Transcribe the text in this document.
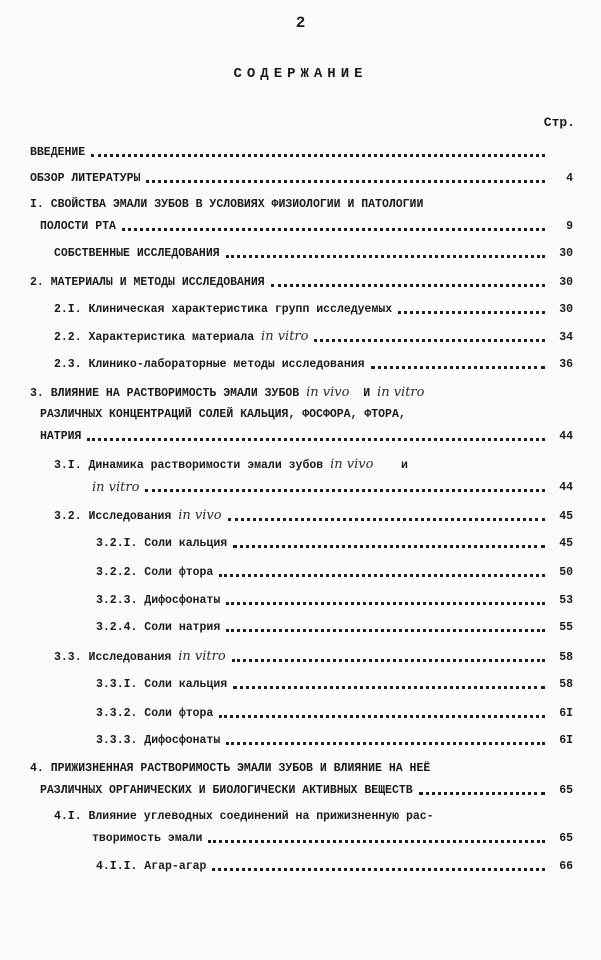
2
СОДЕРЖАНИЕ
Стр.
ВВЕДЕНИЕ
ОБЗОР ЛИТЕРАТУРЫ	4
I. СВОЙСТВА ЭМАЛИ ЗУБОВ В УСЛОВИЯХ ФИЗИОЛОГИИ И ПАТОЛОГИИ
ПОЛОСТИ РТА	9
СОБСТВЕННЫЕ ИССЛЕДОВАНИЯ	30
2. МАТЕРИАЛЫ И МЕТОДЫ ИССЛЕДОВАНИЯ	30
2.I. Клиническая характеристика групп исследуемых	30
2.2. Характеристика материала in vitro	34
2.3. Клинико-лабораторные методы исследования	36
3. ВЛИЯНИЕ НА РАСТВОРИМОСТЬ ЭМАЛИ ЗУБОВ in vivo И in vitro
РАЗЛИЧНЫХ КОНЦЕНТРАЦИЙ СОЛЕЙ КАЛЬЦИЯ, ФОСФОРА, ФТОРА,
НАТРИЯ	44
3.I. Динамика растворимости эмали зубов in vivo и
in vitro	44
3.2. Исследования in vivo	45
3.2.I. Соли кальция	45
3.2.2. Соли фтора	50
3.2.3. Дифосфонаты	53
3.2.4. Соли натрия	55
3.3. Исследования in vitro	58
3.3.I. Соли кальция	58
3.3.2. Соли фтора	6I
3.3.3. Дифосфонаты	6I
4. ПРИЖИЗНЕННАЯ РАСТВОРИМОСТЬ ЭМАЛИ ЗУБОВ И ВЛИЯНИЕ НА НЕЁ
РАЗЛИЧНЫХ ОРГАНИЧЕСКИХ И БИОЛОГИЧЕСКИ АКТИВНЫХ ВЕЩЕСТВ	65
4.I. Влияние углеводных соединений на прижизненную рас-
творимость эмали	65
4.I.I. Агар-агар	66
